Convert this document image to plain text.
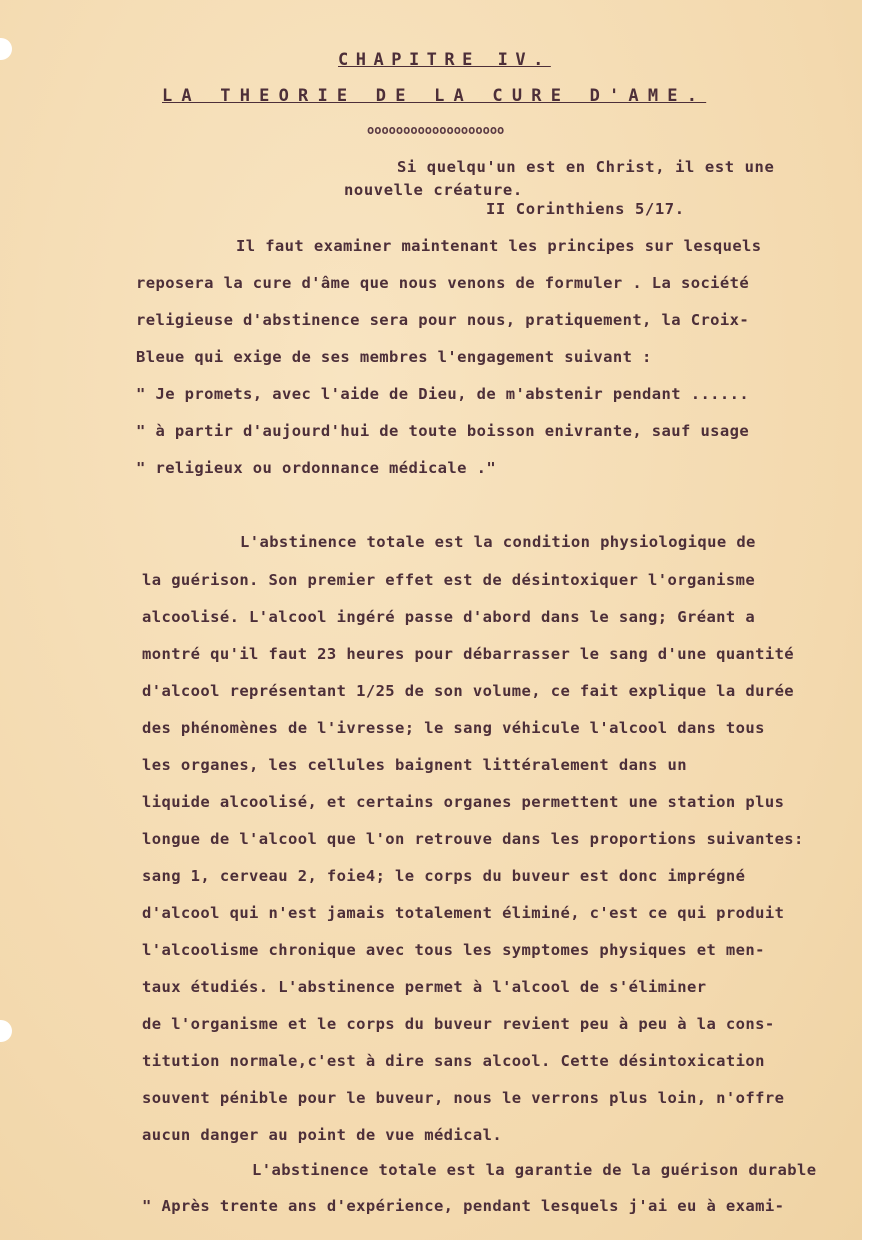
CHAPITRE IV.
LA THEORIE DE LA CURE D'AME.
ooooooooooooooooooo
Si quelqu'un est en Christ, il est une
nouvelle créature.
II Corinthiens 5/17.
Il faut examiner maintenant les principes sur lesquels
reposera la cure d'âme que nous venons de formuler . La société
religieuse d'abstinence sera pour nous, pratiquement, la Croix-
Bleue qui exige de ses membres l'engagement suivant :
" Je promets, avec l'aide de Dieu, de m'abstenir pendant ......
" à partir d'aujourd'hui de toute boisson enivrante, sauf usage
" religieux ou ordonnance médicale ."
L'abstinence totale est la condition physiologique de
la guérison. Son premier effet est de désintoxiquer l'organisme
alcoolisé. L'alcool ingéré passe d'abord dans le sang; Gréant a
montré qu'il faut 23 heures pour débarrasser le sang d'une quantité
d'alcool représentant 1/25 de son volume, ce fait explique la durée
des phénomènes de l'ivresse; le sang véhicule l'alcool dans tous
les organes, les cellules baignent littéralement dans un
liquide alcoolisé, et certains organes permettent une station plus
longue de l'alcool que l'on retrouve dans les proportions suivantes:
sang 1, cerveau 2, foie4; le corps du buveur est donc imprégné
d'alcool qui n'est jamais totalement éliminé, c'est ce qui produit
l'alcoolisme chronique avec tous les symptomes physiques et men-
taux étudiés. L'abstinence permet à l'alcool de s'éliminer
de l'organisme et le corps du buveur revient peu à peu à la cons-
titution normale,c'est à dire sans alcool. Cette désintoxication
souvent pénible pour le buveur, nous le verrons plus loin, n'offre
aucun danger au point de vue médical.
L'abstinence totale est la garantie de la guérison durable
" Après trente ans d'expérience, pendant lesquels j'ai eu à exami-
